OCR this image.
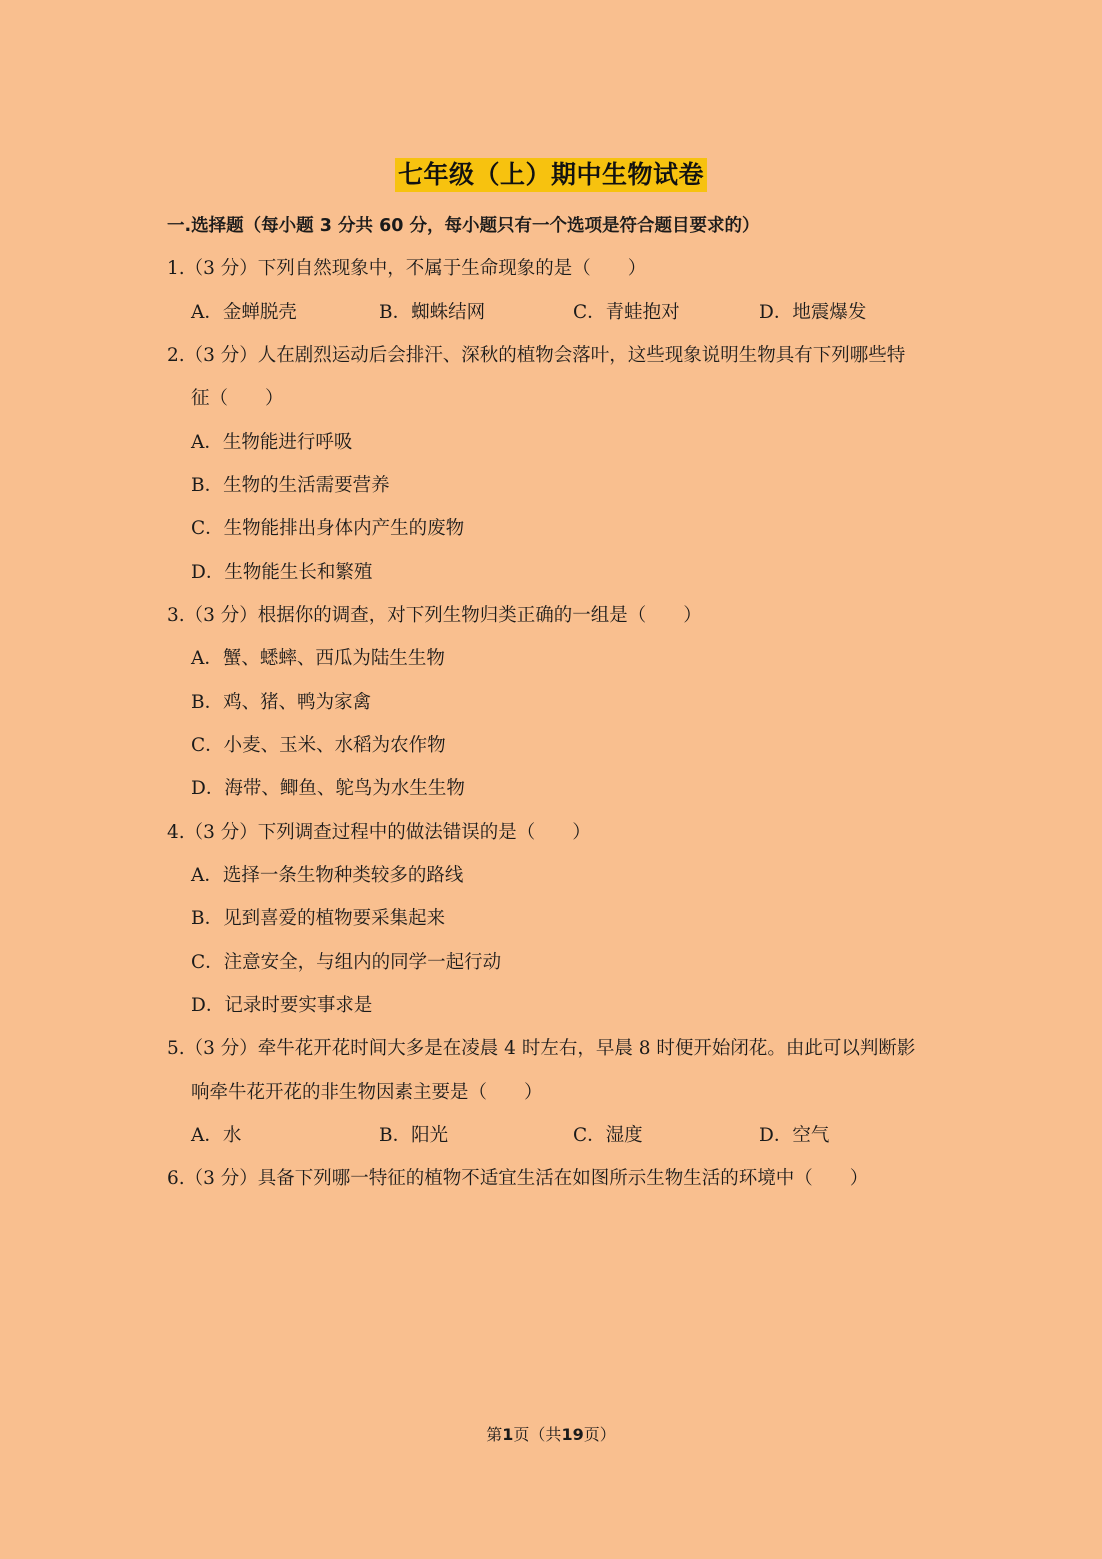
七年级（上）期中生物试卷
一.选择题（每小题 3 分共 60 分，每小题只有一个选项是符合题目要求的）
1.（3 分）下列自然现象中，不属于生命现象的是（　　）
A．金蝉脱壳	B．蜘蛛结网	C．青蛙抱对	D．地震爆发
2.（3 分）人在剧烈运动后会排汗、深秋的植物会落叶，这些现象说明生物具有下列哪些特
征（　　）
A．生物能进行呼吸
B．生物的生活需要营养
C．生物能排出身体内产生的废物
D．生物能生长和繁殖
3.（3 分）根据你的调查，对下列生物归类正确的一组是（　　）
A．蟹、蟋蟀、西瓜为陆生生物
B．鸡、猪、鸭为家禽
C．小麦、玉米、水稻为农作物
D．海带、鲫鱼、鸵鸟为水生生物
4.（3 分）下列调查过程中的做法错误的是（　　）
A．选择一条生物种类较多的路线
B．见到喜爱的植物要采集起来
C．注意安全，与组内的同学一起行动
D．记录时要实事求是
5.（3 分）牵牛花开花时间大多是在凌晨 4 时左右，早晨 8 时便开始闭花。由此可以判断影
响牵牛花开花的非生物因素主要是（　　）
A．水	B．阳光	C．湿度	D．空气
6.（3 分）具备下列哪一特征的植物不适宜生活在如图所示生物生活的环境中（　　）
第1页（共19页）
